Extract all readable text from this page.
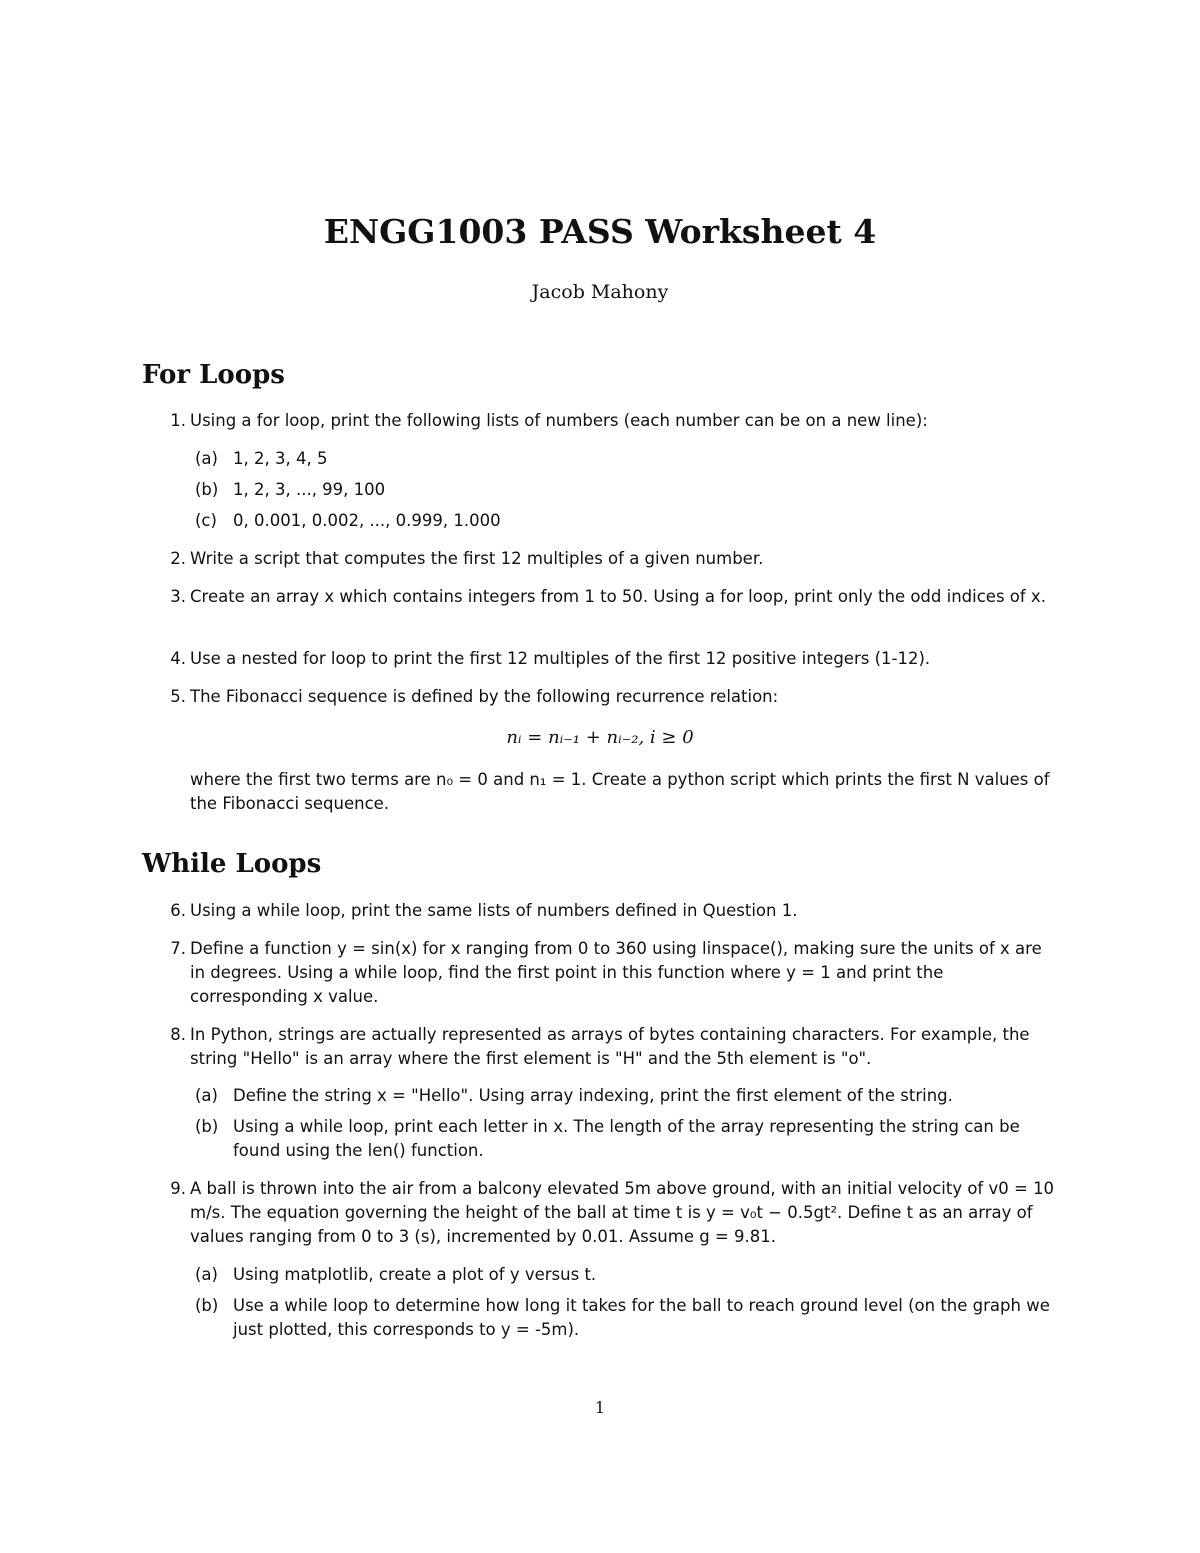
ENGG1003 PASS Worksheet 4
Jacob Mahony
For Loops
1. Using a for loop, print the following lists of numbers (each number can be on a new line):
(a) 1, 2, 3, 4, 5
(b) 1, 2, 3, ..., 99, 100
(c) 0, 0.001, 0.002, ..., 0.999, 1.000
2. Write a script that computes the first 12 multiples of a given number.
3. Create an array x which contains integers from 1 to 50. Using a for loop, print only the odd indices of x.
4. Use a nested for loop to print the first 12 multiples of the first 12 positive integers (1-12).
5. The Fibonacci sequence is defined by the following recurrence relation:
nᵢ = nᵢ₋₁ + nᵢ₋₂, i ≥ 0
where the first two terms are n₀ = 0 and n₁ = 1. Create a python script which prints the first N values of the Fibonacci sequence.
While Loops
6. Using a while loop, print the same lists of numbers defined in Question 1.
7. Define a function y = sin(x) for x ranging from 0 to 360 using linspace(), making sure the units of x are in degrees. Using a while loop, find the first point in this function where y = 1 and print the corresponding x value.
8. In Python, strings are actually represented as arrays of bytes containing characters. For example, the string "Hello" is an array where the first element is "H" and the 5th element is "o".
(a) Define the string x = "Hello". Using array indexing, print the first element of the string.
(b) Using a while loop, print each letter in x. The length of the array representing the string can be found using the len() function.
9. A ball is thrown into the air from a balcony elevated 5m above ground, with an initial velocity of v0 = 10 m/s. The equation governing the height of the ball at time t is y = v₀t − 0.5gt². Define t as an array of values ranging from 0 to 3 (s), incremented by 0.01. Assume g = 9.81.
(a) Using matplotlib, create a plot of y versus t.
(b) Use a while loop to determine how long it takes for the ball to reach ground level (on the graph we just plotted, this corresponds to y = -5m).
1
